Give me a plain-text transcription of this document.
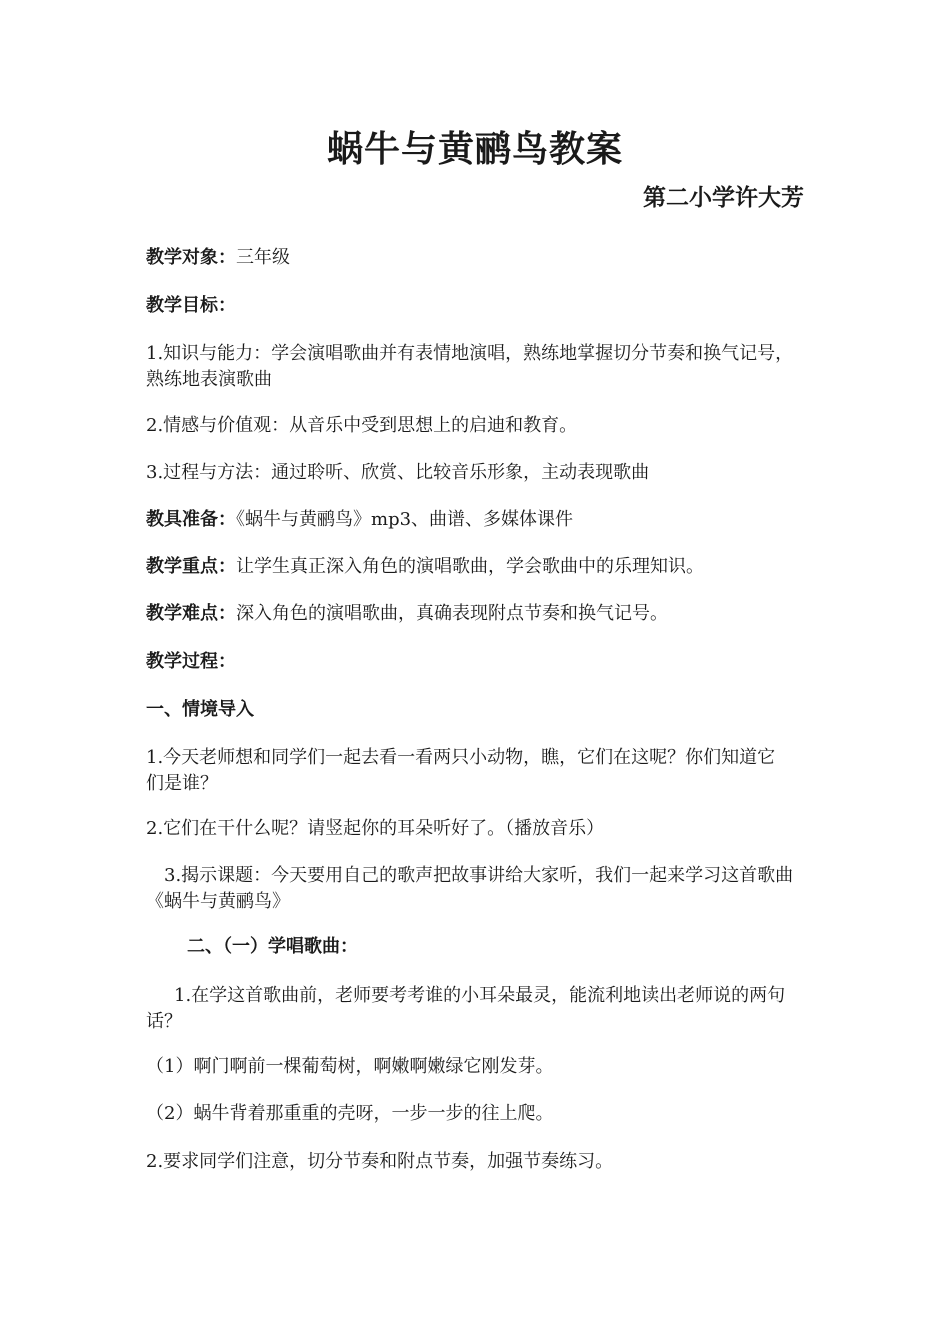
蜗牛与黄鹂鸟教案

第二小学许大芳

教学对象：三年级

教学目标：

1.知识与能力：学会演唱歌曲并有表情地演唱，熟练地掌握切分节奏和换气记号，熟练地表演歌曲

2.情感与价值观：从音乐中受到思想上的启迪和教育。

3.过程与方法：通过聆听、欣赏、比较音乐形象，主动表现歌曲

教具准备：《蜗牛与黄鹂鸟》mp3、曲谱、多媒体课件

教学重点：让学生真正深入角色的演唱歌曲，学会歌曲中的乐理知识。

教学难点：深入角色的演唱歌曲，真确表现附点节奏和换气记号。

教学过程：

一、情境导入

1.今天老师想和同学们一起去看一看两只小动物，瞧，它们在这呢？你们知道它们是谁？

2.它们在干什么呢？请竖起你的耳朵听好了。（播放音乐）

3.揭示课题：今天要用自己的歌声把故事讲给大家听，我们一起来学习这首歌曲《蜗牛与黄鹂鸟》

二、（一）学唱歌曲：

1.在学这首歌曲前，老师要考考谁的小耳朵最灵，能流利地读出老师说的两句话？

（1）啊门啊前一棵葡萄树，啊嫩啊嫩绿它刚发芽。

（2）蜗牛背着那重重的壳呀，一步一步的往上爬。

2.要求同学们注意，切分节奏和附点节奏，加强节奏练习。
